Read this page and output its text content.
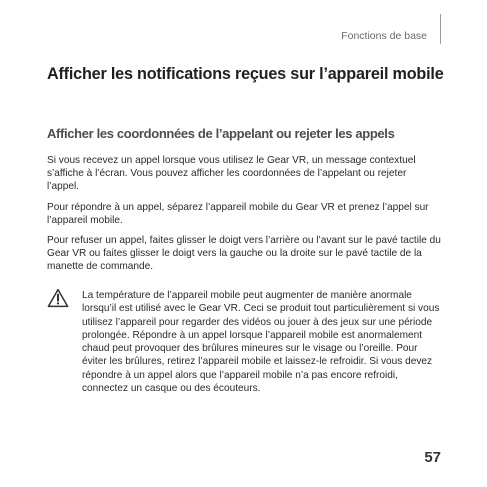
Fonctions de base
Afficher les notifications reçues sur l’appareil mobile
Afficher les coordonnées de l’appelant ou rejeter les appels

Si vous recevez un appel lorsque vous utilisez le Gear VR, un message contextuel s’affiche à l’écran. Vous pouvez afficher les coordonnées de l’appelant ou rejeter l’appel.

Pour répondre à un appel, séparez l’appareil mobile du Gear VR et prenez l’appel sur l’appareil mobile.

Pour refuser un appel, faites glisser le doigt vers l’arrière ou l’avant sur le pavé tactile du Gear VR ou faites glisser le doigt vers la gauche ou la droite sur le pavé tactile de la manette de commande.

La température de l’appareil mobile peut augmenter de manière anormale lorsqu’il est utilisé avec le Gear VR. Ceci se produit tout particulièrement si vous utilisez l’appareil pour regarder des vidéos ou jouer à des jeux sur une période prolongée. Répondre à un appel lorsque l’appareil mobile est anormalement chaud peut provoquer des brûlures mineures sur le visage ou l’oreille. Pour éviter les brûlures, retirez l’appareil mobile et laissez-le refroidir. Si vous devez répondre à un appel alors que l’appareil mobile n’a pas encore refroidi, connectez un casque ou des écouteurs.

57
